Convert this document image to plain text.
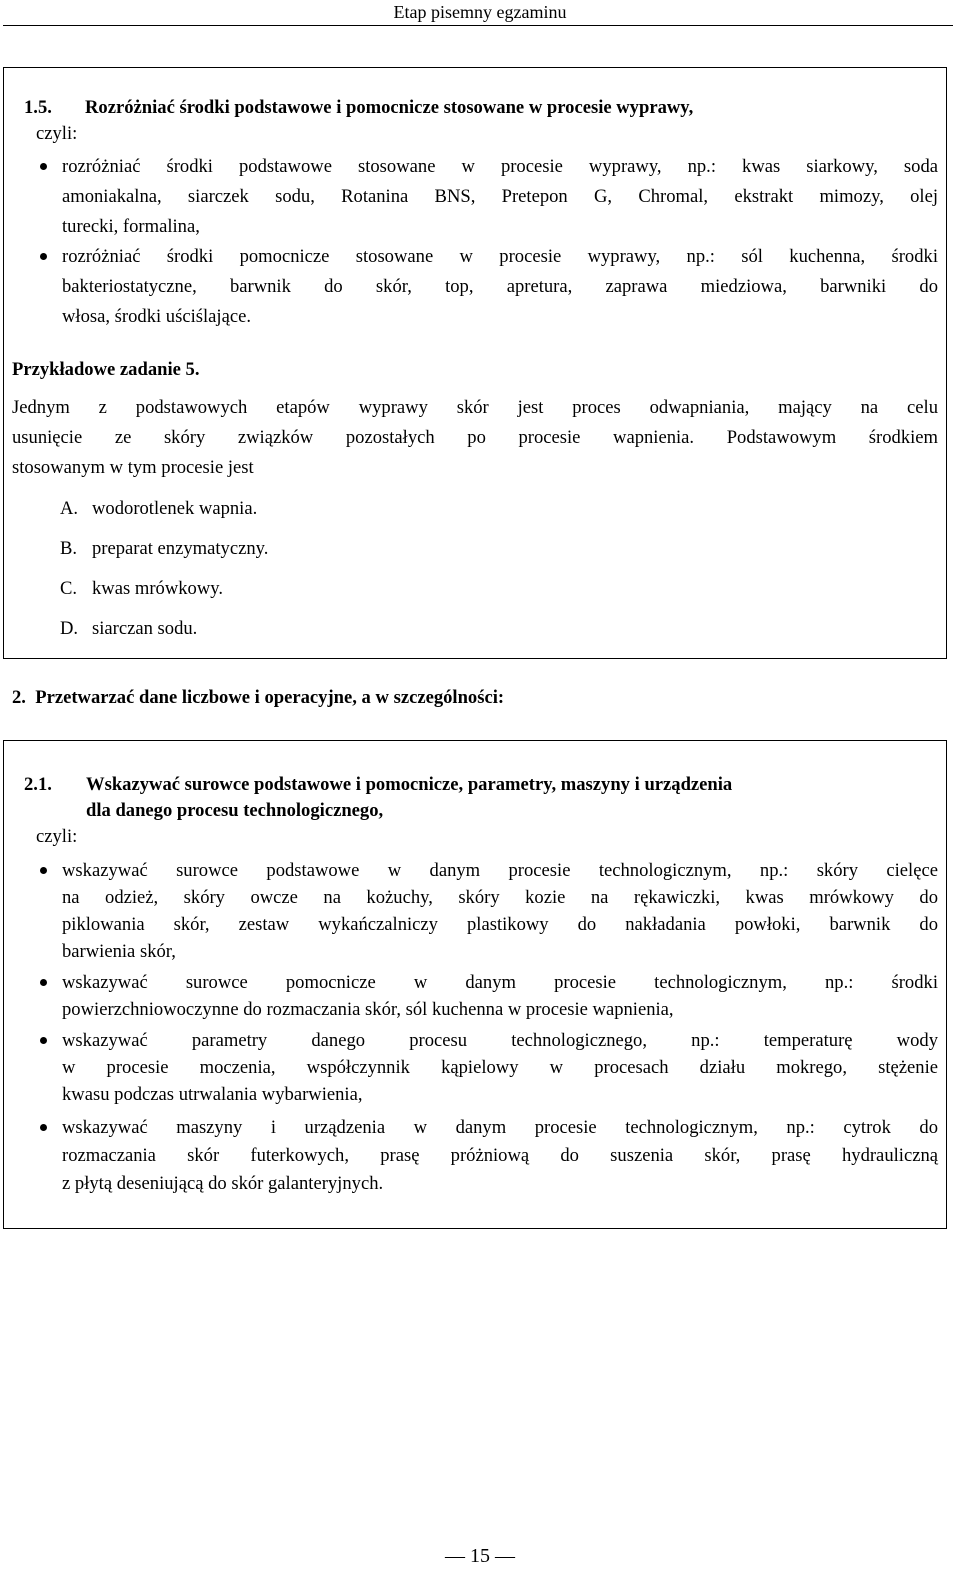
Etap pisemny egzaminu
1.5. Rozróżniać środki podstawowe i pomocnicze stosowane w procesie wyprawy,
czyli:
rozróżniać środki podstawowe stosowane w procesie wyprawy, np.: kwas siarkowy, soda
amoniakalna, siarczek sodu, Rotanina BNS, Pretepon G, Chromal, ekstrakt mimozy, olej
turecki, formalina,
rozróżniać środki pomocnicze stosowane w procesie wyprawy, np.: sól kuchenna, środki
bakteriostatyczne, barwnik do skór, top, apretura, zaprawa miedziowa, barwniki do
włosa, środki uściślające.
Przykładowe zadanie 5.
Jednym z podstawowych etapów wyprawy skór jest proces odwapniania, mający na celu
usunięcie ze skóry związków pozostałych po procesie wapnienia. Podstawowym środkiem
stosowanym w tym procesie jest
A. wodorotlenek wapnia.
B. preparat enzymatyczny.
C. kwas mrówkowy.
D. siarczan sodu.
2. Przetwarzać dane liczbowe i operacyjne, a w szczególności:
2.1. Wskazywać surowce podstawowe i pomocnicze, parametry, maszyny i urządzenia
dla danego procesu technologicznego,
czyli:
wskazywać surowce podstawowe w danym procesie technologicznym, np.: skóry cielęce
na odzież, skóry owcze na kożuchy, skóry kozie na rękawiczki, kwas mrówkowy do
piklowania skór, zestaw wykańczalniczy plastikowy do nakładania powłoki, barwnik do
barwienia skór,
wskazywać surowce pomocnicze w danym procesie technologicznym, np.: środki
powierzchniowoczynne do rozmaczania skór, sól kuchenna w procesie wapnienia,
wskazywać parametry danego procesu technologicznego, np.: temperaturę wody
w procesie moczenia, współczynnik kąpielowy w procesach działu mokrego, stężenie
kwasu podczas utrwalania wybarwienia,
wskazywać maszyny i urządzenia w danym procesie technologicznym, np.: cytrok do
rozmaczania skór futerkowych, prasę próżniową do suszenia skór, prasę hydrauliczną
z płytą deseniującą do skór galanteryjnych.
— 15 —
